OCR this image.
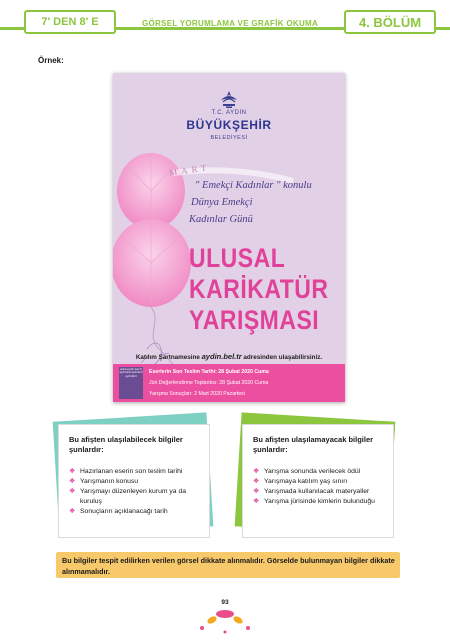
7' DEN 8' E	GÖRSEL YORUMLAMA VE GRAFİK OKUMA	4. BÖLÜM
Örnek:
T.C. AYDIN
BÜYÜKŞEHİR
BELEDİYESİ
MART
" Emekçi Kadınlar " konulu
Dünya Emekçi
Kadınlar Günü
ULUSAL
KARİKATÜR
YARIŞMASI
Katılım Şartnamesine aydin.bel.tr adresinden ulaşabilirsiniz.
www.aydin.bel.tr aydinbld aydinbld aydinbld
Eserlerin Son Teslim Tarihi: 28 Şubat 2020 Cuma
Jüri Değerlendirme Toplantısı: 28 Şubat 2020 Cuma
Yarışma Sonuçları: 2 Mart 2020 Pazartesi
Bu afişten ulaşılabilecek bilgiler şunlardır:
❖ Hazırlanan eserin son teslim tarihi
❖ Yarışmanın konusu
❖ Yarışmayı düzenleyen kurum ya da kuruluş
❖ Sonuçların açıklanacağı tarih
Bu afişten ulaşılamayacak bilgiler şunlardır:
❖ Yarışma sonunda verilecek ödül
❖ Yarışmaya katılım yaş sınırı
❖ Yarışmada kullanılacak materyaller
❖ Yarışma jürisinde kimlerin bulunduğu
Bu bilgiler tespit edilirken verilen görsel dikkate alınmalıdır. Görselde bulunmayan bilgiler dikkate alınmamalıdır.
93
